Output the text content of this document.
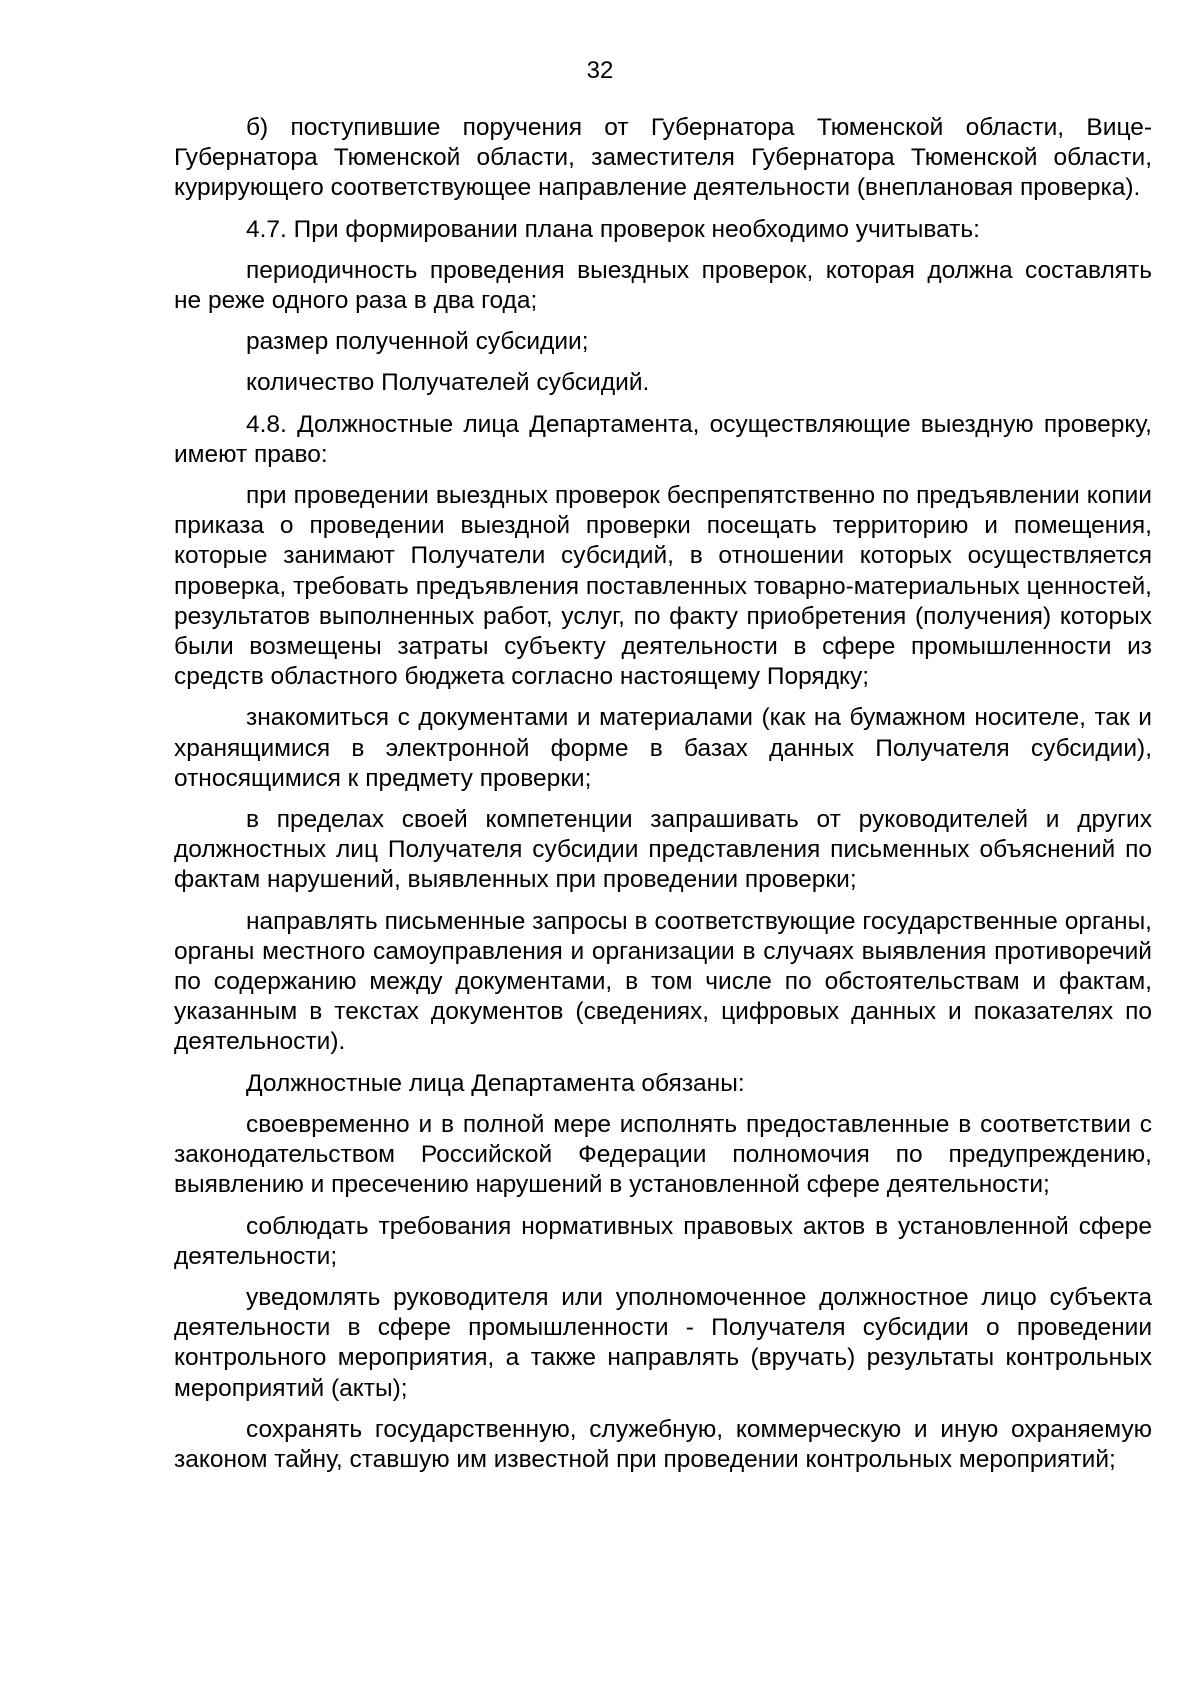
32

б) поступившие поручения от Губернатора Тюменской области, Вице-Губернатора Тюменской области, заместителя Губернатора Тюменской области, курирующего соответствующее направление деятельности (внеплановая проверка).

4.7. При формировании плана проверок необходимо учитывать:

периодичность проведения выездных проверок, которая должна составлять не реже одного раза в два года;

размер полученной субсидии;

количество Получателей субсидий.

4.8. Должностные лица Департамента, осуществляющие выездную проверку, имеют право:

при проведении выездных проверок беспрепятственно по предъявлении копии приказа о проведении выездной проверки посещать территорию и помещения, которые занимают Получатели субсидий, в отношении которых осуществляется проверка, требовать предъявления поставленных товарно-материальных ценностей, результатов выполненных работ, услуг, по факту приобретения (получения) которых были возмещены затраты субъекту деятельности в сфере промышленности из средств областного бюджета согласно настоящему Порядку;

знакомиться с документами и материалами (как на бумажном носителе, так и хранящимися в электронной форме в базах данных Получателя субсидии), относящимися к предмету проверки;

в пределах своей компетенции запрашивать от руководителей и других должностных лиц Получателя субсидии представления письменных объяснений по фактам нарушений, выявленных при проведении проверки;

направлять письменные запросы в соответствующие государственные органы, органы местного самоуправления и организации в случаях выявления противоречий по содержанию между документами, в том числе по обстоятельствам и фактам, указанным в текстах документов (сведениях, цифровых данных и показателях по деятельности).

Должностные лица Департамента обязаны:

своевременно и в полной мере исполнять предоставленные в соответствии с законодательством Российской Федерации полномочия по предупреждению, выявлению и пресечению нарушений в установленной сфере деятельности;

соблюдать требования нормативных правовых актов в установленной сфере деятельности;

уведомлять руководителя или уполномоченное должностное лицо субъекта деятельности в сфере промышленности - Получателя субсидии о проведении контрольного мероприятия, а также направлять (вручать) результаты контрольных мероприятий (акты);

сохранять государственную, служебную, коммерческую и иную охраняемую законом тайну, ставшую им известной при проведении контрольных мероприятий;
